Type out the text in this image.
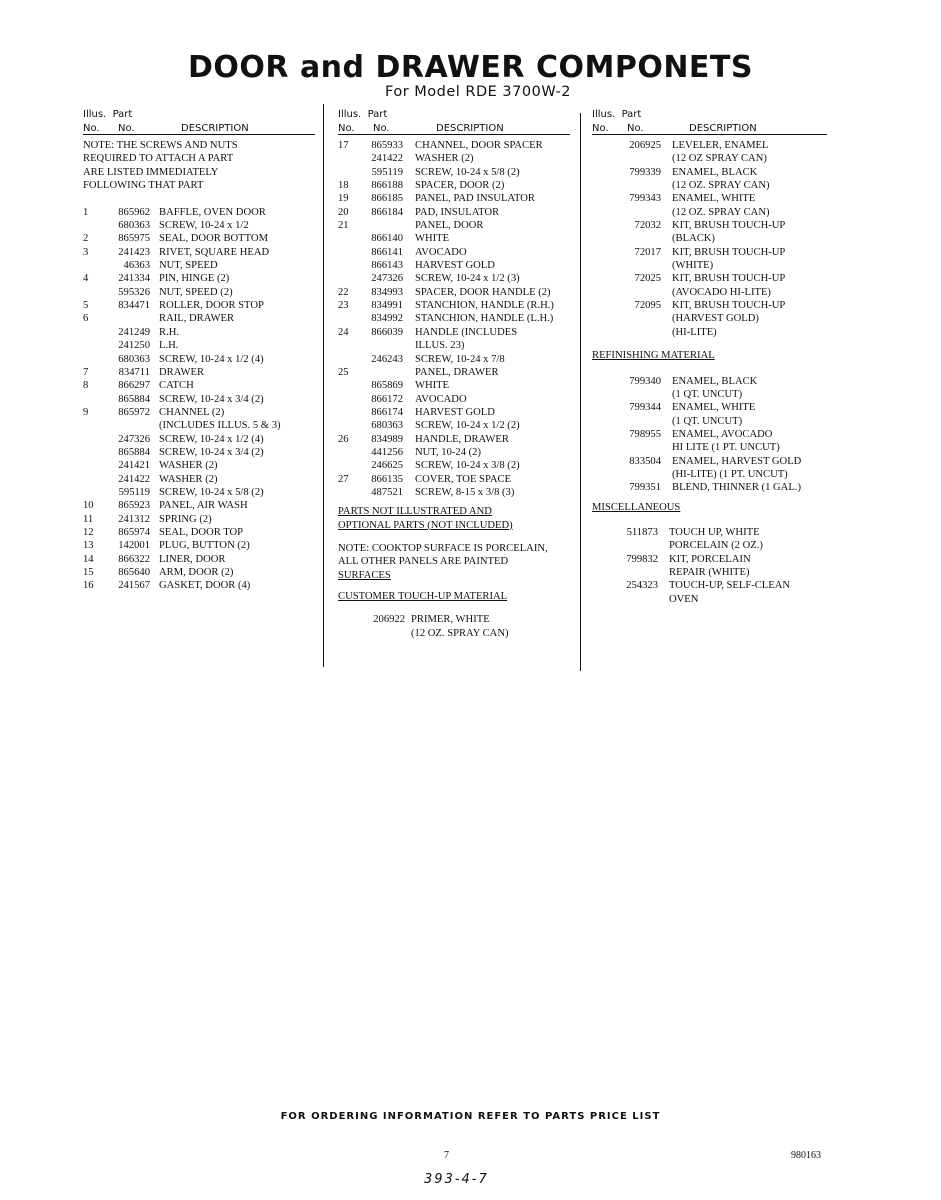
DOOR and DRAWER COMPONETS
For Model RDE 3700W-2
Illus. Part
No. No.	DESCRIPTION
NOTE: THE SCREWS AND NUTS
REQUIRED TO ATTACH A PART
ARE LISTED IMMEDIATELY
FOLLOWING THAT PART
1	865962 BAFFLE, OVEN DOOR
680363 SCREW, 10-24 x 1/2
2	865975 SEAL, DOOR BOTTOM
3	241423 RIVET, SQUARE HEAD
46363 NUT, SPEED
4	241334 PIN, HINGE (2)
595326 NUT, SPEED (2)
5	834471 ROLLER, DOOR STOP
6	RAIL, DRAWER
241249 R.H.
241250 L.H.
680363 SCREW, 10-24 x 1/2 (4)
7	834711 DRAWER
8	866297 CATCH
865884 SCREW, 10-24 x 3/4 (2)
9	865972 CHANNEL (2)
(INCLUDES ILLUS. 5 & 3)
247326 SCREW, 10-24 x 1/2 (4)
865884 SCREW, 10-24 x 3/4 (2)
241421 WASHER (2)
241422 WASHER (2)
595119 SCREW, 10-24 x 5/8 (2)
10 865923 PANEL, AIR WASH
11 241312 SPRING (2)
12 865974 SEAL, DOOR TOP
13 142001 PLUG, BUTTON (2)
14 866322 LINER, DOOR
15 865640 ARM, DOOR (2)
16 241567 GASKET, DOOR (4)
Illus. Part
No. No.	DESCRIPTION
17 865933 CHANNEL, DOOR SPACER
241422 WASHER (2)
595119 SCREW, 10-24 x 5/8 (2)
18 866188 SPACER, DOOR (2)
19 866185 PANEL, PAD INSULATOR
20 866184 PAD, INSULATOR
21	PANEL, DOOR
866140 WHITE
866141 AVOCADO
866143 HARVEST GOLD
247326 SCREW, 10-24 x 1/2 (3)
22 834993 SPACER, DOOR HANDLE (2)
23 834991 STANCHION, HANDLE (R.H.)
834992 STANCHION, HANDLE (L.H.)
24 866039 HANDLE (INCLUDES
ILLUS. 23)
246243 SCREW, 10-24 x 7/8
25	PANEL, DRAWER
865869 WHITE
866172 AVOCADO
866174 HARVEST GOLD
680363 SCREW, 10-24 x 1/2 (2)
26 834989 HANDLE, DRAWER
441256 NUT, 10-24 (2)
246625 SCREW, 10-24 x 3/8 (2)
27 866135 COVER, TOE SPACE
487521 SCREW, 8-15 x 3/8 (3)
PARTS NOT ILLUSTRATED AND
OPTIONAL PARTS (NOT INCLUDED)
NOTE: COOKTOP SURFACE IS PORCELAIN,
ALL OTHER PANELS ARE PAINTED
SURFACES
CUSTOMER TOUCH-UP MATERIAL
206922 PRIMER, WHITE
(12 OZ. SPRAY CAN)
Illus. Part
No. No.	DESCRIPTION
206925 LEVELER, ENAMEL
(12 OZ SPRAY CAN)
799339 ENAMEL, BLACK
(12 OZ. SPRAY CAN)
799343 ENAMEL, WHITE
(12 OZ. SPRAY CAN)
72032 KIT, BRUSH TOUCH-UP
(BLACK)
72017 KIT, BRUSH TOUCH-UP
(WHITE)
72025 KIT, BRUSH TOUCH-UP
(AVOCADO HI-LITE)
72095 KIT, BRUSH TOUCH-UP
(HARVEST GOLD)
(HI-LITE)
REFINISHING MATERIAL
799340 ENAMEL, BLACK
(1 QT. UNCUT)
799344 ENAMEL, WHITE
(1 QT. UNCUT)
798955 ENAMEL, AVOCADO
HI LITE (1 PT. UNCUT)
833504 ENAMEL, HARVEST GOLD
(HI-LITE) (1 PT. UNCUT)
799351 BLEND, THINNER (1 GAL.)
MISCELLANEOUS
511873 TOUCH UP, WHITE
PORCELAIN (2 OZ.)
799832 KIT, PORCELAIN
REPAIR (WHITE)
254323 TOUCH-UP, SELF-CLEAN
OVEN
FOR ORDERING INFORMATION REFER TO PARTS PRICE LIST
7	980163
393-4-7
